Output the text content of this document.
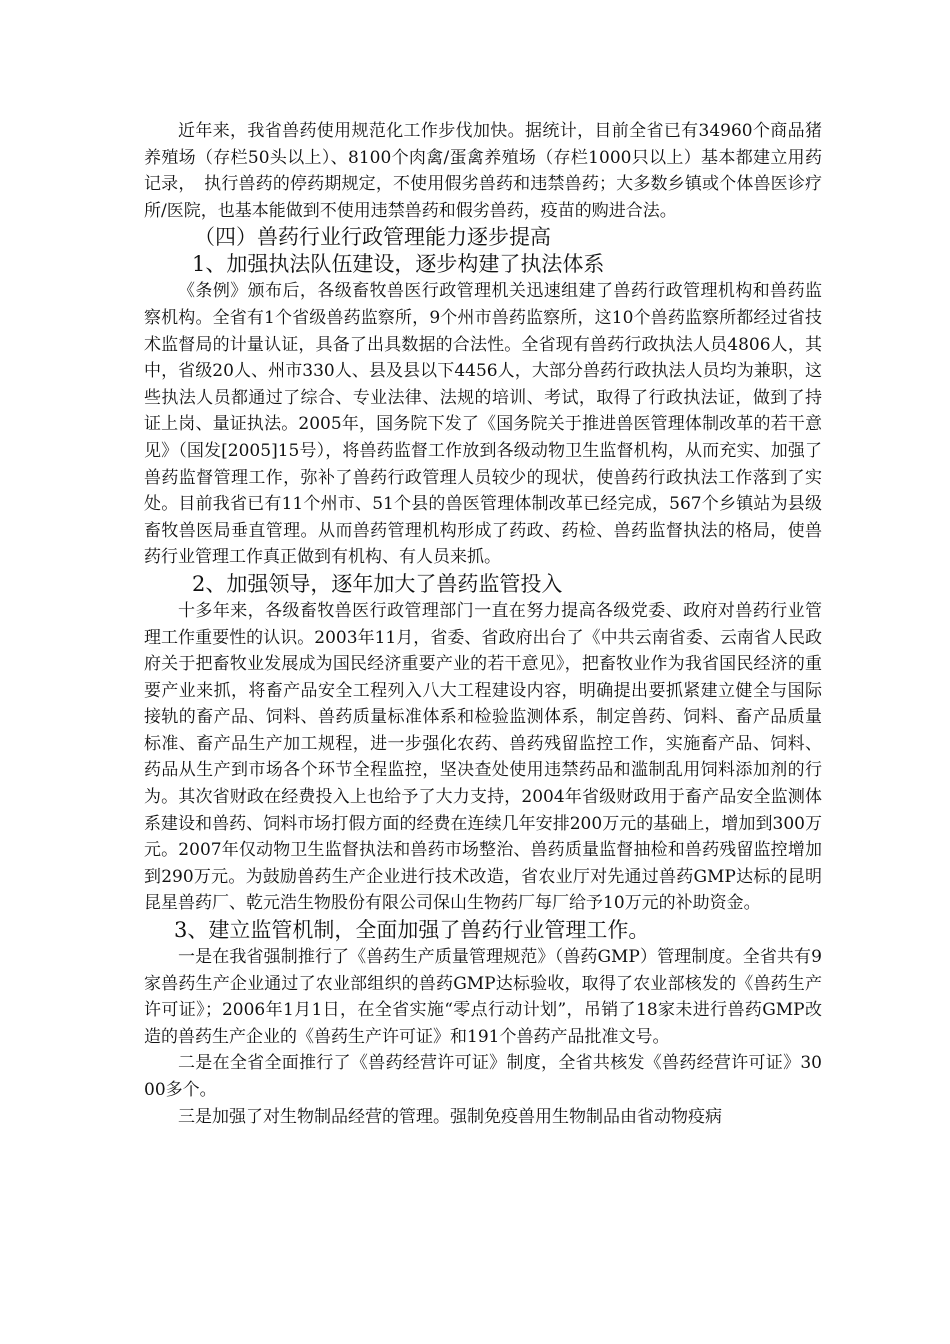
近年来，我省兽药使用规范化工作步伐加快。据统计，目前全省已有34960个商品猪养殖场（存栏50头以上）、8100个肉禽/蛋禽养殖场（存栏1000只以上）基本都建立用药记录，　执行兽药的停药期规定，不使用假劣兽药和违禁兽药；大多数乡镇或个体兽医诊疗所/医院，也基本能做到不使用违禁兽药和假劣兽药，疫苗的购进合法。

（四）兽药行业行政管理能力逐步提高
1、加强执法队伍建设，逐步构建了执法体系

《条例》颁布后，各级畜牧兽医行政管理机关迅速组建了兽药行政管理机构和兽药监察机构。全省有1个省级兽药监察所，9个州市兽药监察所，这10个兽药监察所都经过省技术监督局的计量认证，具备了出具数据的合法性。全省现有兽药行政执法人员4806人，其中，省级20人、州市330人、县及县以下4456人，大部分兽药行政执法人员均为兼职，这些执法人员都通过了综合、专业法律、法规的培训、考试，取得了行政执法证，做到了持证上岗、量证执法。2005年，国务院下发了《国务院关于推进兽医管理体制改革的若干意见》（国发[2005]15号），将兽药监督工作放到各级动物卫生监督机构，从而充实、加强了兽药监督管理工作，弥补了兽药行政管理人员较少的现状，使兽药行政执法工作落到了实处。目前我省已有11个州市、51个县的兽医管理体制改革已经完成，567个乡镇站为县级畜牧兽医局垂直管理。从而兽药管理机构形成了药政、药检、兽药监督执法的格局，使兽药行业管理工作真正做到有机构、有人员来抓。

2、加强领导，逐年加大了兽药监管投入

十多年来，各级畜牧兽医行政管理部门一直在努力提高各级党委、政府对兽药行业管理工作重要性的认识。2003年11月，省委、省政府出台了《中共云南省委、云南省人民政府关于把畜牧业发展成为国民经济重要产业的若干意见》，把畜牧业作为我省国民经济的重要产业来抓，将畜产品安全工程列入八大工程建设内容，明确提出要抓紧建立健全与国际接轨的畜产品、饲料、兽药质量标准体系和检验监测体系，制定兽药、饲料、畜产品质量标准、畜产品生产加工规程，进一步强化农药、兽药残留监控工作，实施畜产品、饲料、药品从生产到市场各个环节全程监控，坚决查处使用违禁药品和滥制乱用饲料添加剂的行为。其次省财政在经费投入上也给予了大力支持，2004年省级财政用于畜产品安全监测体系建设和兽药、饲料市场打假方面的经费在连续几年安排200万元的基础上，增加到300万元。2007年仅动物卫生监督执法和兽药市场整治、兽药质量监督抽检和兽药残留监控增加到290万元。为鼓励兽药生产企业进行技术改造，省农业厅对先通过兽药GMP达标的昆明昆星兽药厂、乾元浩生物股份有限公司保山生物药厂每厂给予10万元的补助资金。

3、建立监管机制，全面加强了兽药行业管理工作。

一是在我省强制推行了《兽药生产质量管理规范》（兽药GMP）管理制度。全省共有9家兽药生产企业通过了农业部组织的兽药GMP达标验收，取得了农业部核发的《兽药生产许可证》；2006年1月1日，在全省实施“零点行动计划”，吊销了18家未进行兽药GMP改造的兽药生产企业的《兽药生产许可证》和191个兽药产品批准文号。

二是在全省全面推行了《兽药经营许可证》制度，全省共核发《兽药经营许可证》3000多个。

三是加强了对生物制品经营的管理。强制免疫兽用生物制品由省动物疫病
